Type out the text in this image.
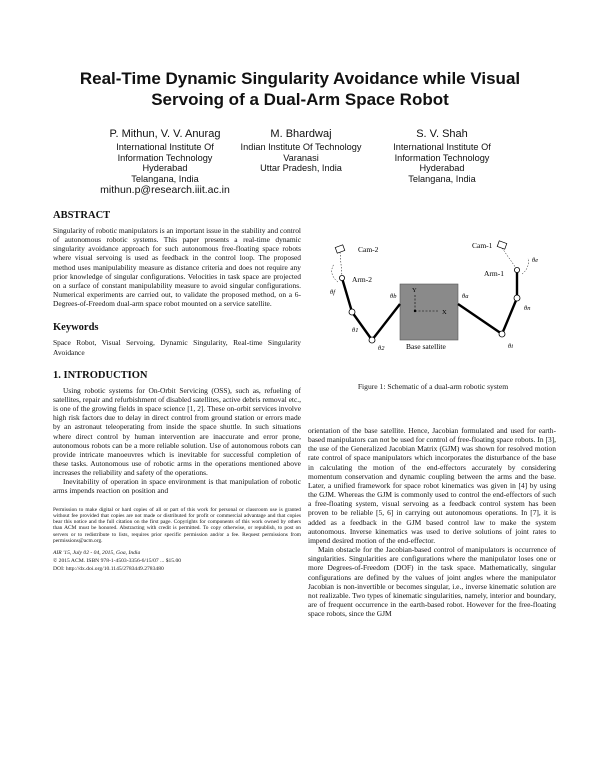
Real-Time Dynamic Singularity Avoidance while Visual
Servoing of a Dual-Arm Space Robot
P. Mithun, V. V. Anurag
International Institute Of
Information Technology
Hyderabad
Telangana, India
mithun.p@research.iiit.ac.in
M. Bhardwaj
Indian Institute Of Technology
Varanasi
Uttar Pradesh, India
S. V. Shah
International Institute Of
Information Technology
Hyderabad
Telangana, India
ABSTRACT

Singularity of robotic manipulators is an important issue in the stability and control of autonomous robotic systems. This paper presents a real-time dynamic singularity avoidance approach for such autonomous free-floating space robots where visual servoing is used as feedback in the control loop. The proposed method uses manipulability measure as distance criteria and does not require any prior knowledge of singular configurations. Velocities in task space are projected on a surface of constant manipulability measure to avoid singular configurations. Numerical experiments are carried out, to validate the proposed method, on a 6-Degrees-of-Freedom dual-arm space robot mounted on a service satellite.

Keywords

Space Robot, Visual Servoing, Dynamic Singularity, Real-time Singularity Avoidance

1. INTRODUCTION

Using robotic systems for On-Orbit Servicing (OSS), such as, refueling of satellites, repair and refurbishment of disabled satellites, active debris removal etc., is one of the growing fields in space science [1, 2]. These on-orbit services involve high risk factors due to delay in direct control from ground station or errors made by an astronaut teleoperating from inside the space shuttle. In such situations where direct control by human intervention are inaccurate and error prone, autonomous robots can be a more reliable solution. Use of autonomous robots can provide intricate manoeuvres which is inevitable for successful completion of these tasks. Autonomous use of robotic arms in the operations mentioned above increases the reliability and safety of the operations.

Inevitability of operation in space environment is that manipulation of robotic arms impends reaction on position and

Permission to make digital or hard copies of all or part of this work for personal or classroom use is granted without fee provided that copies are not made or distributed for profit or commercial advantage and that copies bear this notice and the full citation on the first page. Copyrights for components of this work owned by others than ACM must be honored. Abstracting with credit is permitted. To copy otherwise, or republish, to post on servers or to redistribute to lists, requires prior specific permission and/or a fee. Request permissions from permissions@acm.org.

AIR '15, July 02 - 04, 2015, Goa, India

© 2015 ACM. ISBN 978-1-4503-3356-6/15/07 ... $15.00

DOI: http://dx.doi.org/10.1145/2783449.2783480

Base satellite
X
Y
Cam-2
Arm-2
Cam-1
Arm-1
θf
θb
θ2
θ1
θe
θa
θi
θn
Figure 1: Schematic of a dual-arm robotic system

orientation of the base satellite. Hence, Jacobian formulated and used for earth-based manipulators can not be used for control of free-floating space robots. In [3], the use of the Generalized Jacobian Matrix (GJM) was shown for resolved motion rate control of space manipulators which incorporates the disturbance of the base in calculating the motion of the end-effectors accurately by considering momentum conservation and dynamic coupling between the arms and the base. Later, a unified framework for space robot kinematics was given in [4] by using the GJM. Whereas the GJM is commonly used to control the end-effectors of such a free-floating system, visual servoing as a feedback control system has been proven to be reliable [5, 6] in carrying out autonomous operations. In [7], it is added as a feedback in the GJM based control law to make the system autonomous. Inverse kinematics was used to derive solutions of joint rates to impend desired motion of the end-effector.

Main obstacle for the Jacobian-based control of manipulators is occurrence of singularities. Singularities are configurations where the manipulator loses one or more Degrees-of-Freedom (DOF) in the task space. Mathematically, singular configurations are defined by the values of joint angles where the manipulator Jacobian is non-invertible or becomes singular, i.e., inverse kinematic solution are not realizable. Two types of kinematic singularities, namely, interior and boundary, are of frequent occurrence in the earth-based robot. However for the free-floating space robots, since the GJM
